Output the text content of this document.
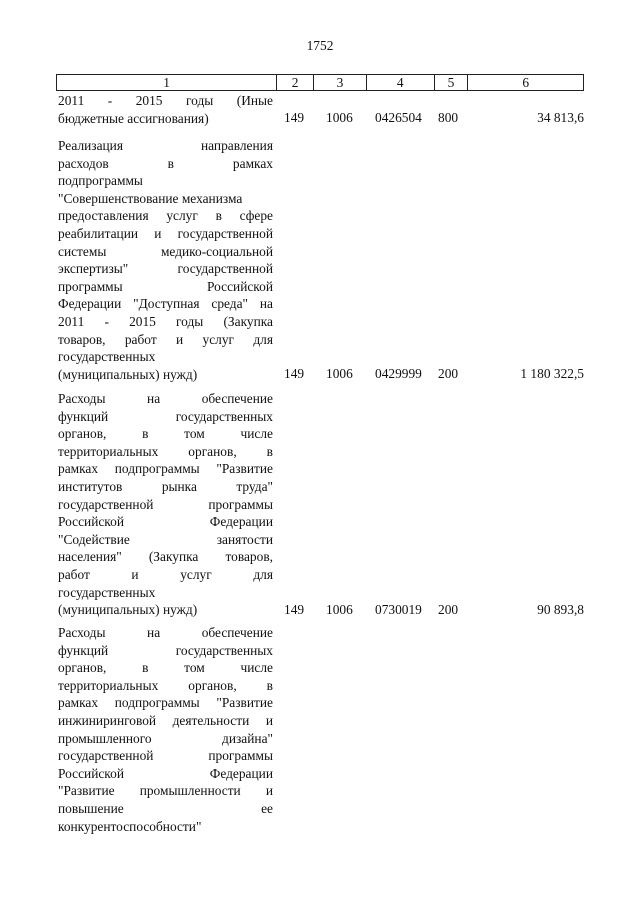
1752
1	2	3	4	5	6
2011 - 2015 годы (Иные
бюджетные ассигнования)	149 1006 0426504 800	34 813,6
Реализация направления
расходов в рамках
подпрограммы
"Совершенствование механизма
предоставления услуг в сфере
реабилитации и государственной
системы медико-социальной
экспертизы" государственной
программы Российской
Федерации "Доступная среда" на
2011 - 2015 годы (Закупка
товаров, работ и услуг для
государственных
(муниципальных) нужд)	149 1006 0429999 200	1 180 322,5
Расходы на обеспечение
функций государственных
органов, в том числе
территориальных органов, в
рамках подпрограммы "Развитие
институтов рынка труда"
государственной программы
Российской Федерации
"Содействие занятости
населения" (Закупка товаров,
работ и услуг для
государственных
(муниципальных) нужд)	149 1006 0730019 200	90 893,8
Расходы на обеспечение
функций государственных
органов, в том числе
территориальных органов, в
рамках подпрограммы "Развитие
инжиниринговой деятельности и
промышленного дизайна"
государственной программы
Российской Федерации
"Развитие промышленности и
повышение ее
конкурентоспособности"
